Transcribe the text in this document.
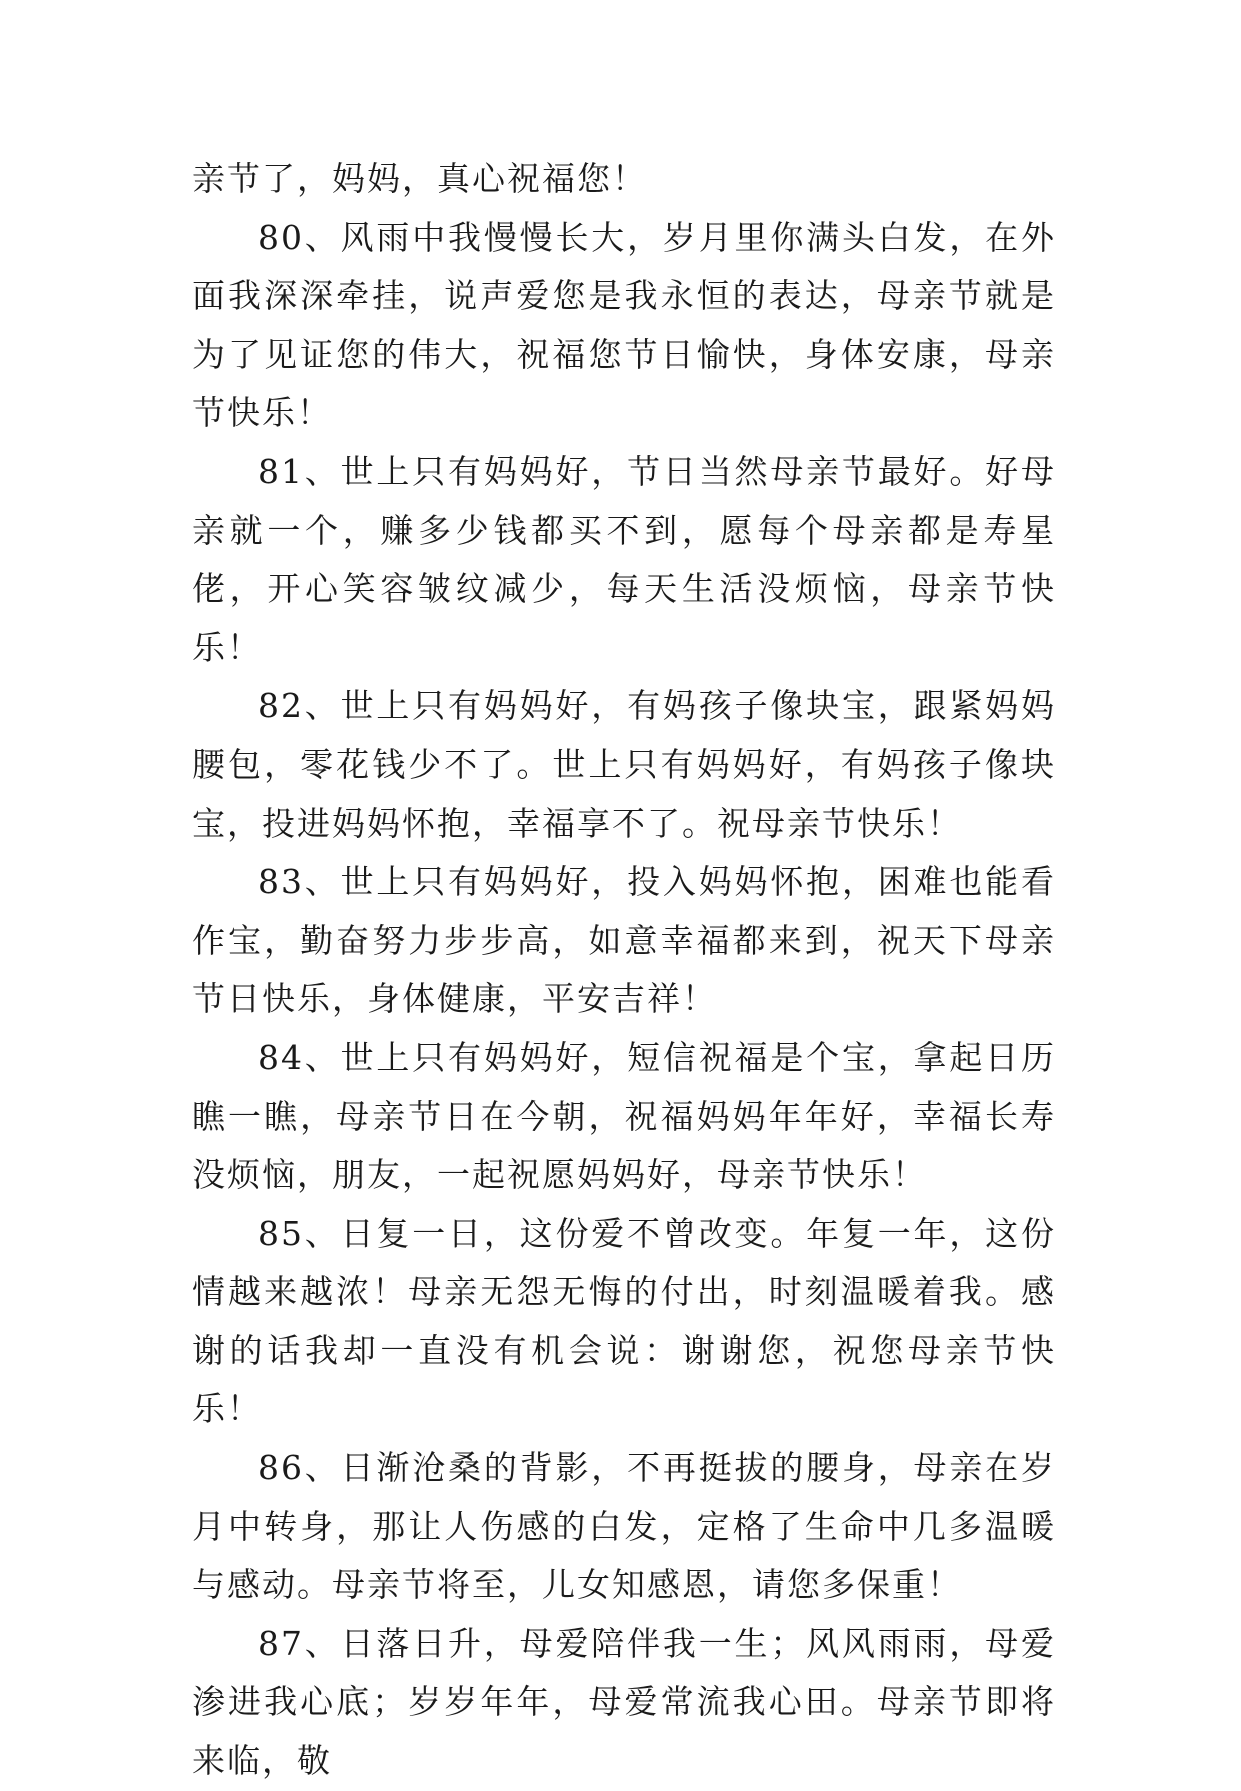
亲节了，妈妈，真心祝福您！

80、风雨中我慢慢长大，岁月里你满头白发，在外面我深深牵挂，说声爱您是我永恒的表达，母亲节就是为了见证您的伟大，祝福您节日愉快，身体安康，母亲节快乐！

81、世上只有妈妈好，节日当然母亲节最好。好母亲就一个，赚多少钱都买不到，愿每个母亲都是寿星佬，开心笑容皱纹减少，每天生活没烦恼，母亲节快乐！

82、世上只有妈妈好，有妈孩子像块宝，跟紧妈妈腰包，零花钱少不了。世上只有妈妈好，有妈孩子像块宝，投进妈妈怀抱，幸福享不了。祝母亲节快乐！

83、世上只有妈妈好，投入妈妈怀抱，困难也能看作宝，勤奋努力步步高，如意幸福都来到，祝天下母亲节日快乐，身体健康，平安吉祥！

84、世上只有妈妈好，短信祝福是个宝，拿起日历瞧一瞧，母亲节日在今朝，祝福妈妈年年好，幸福长寿没烦恼，朋友，一起祝愿妈妈好，母亲节快乐！

85、日复一日，这份爱不曾改变。年复一年，这份情越来越浓！母亲无怨无悔的付出，时刻温暖着我。感谢的话我却一直没有机会说：谢谢您，祝您母亲节快乐！

86、日渐沧桑的背影，不再挺拔的腰身，母亲在岁月中转身，那让人伤感的白发，定格了生命中几多温暖与感动。母亲节将至，儿女知感恩，请您多保重！

87、日落日升，母爱陪伴我一生；风风雨雨，母爱渗进我心底；岁岁年年，母爱常流我心田。母亲节即将来临，敬
